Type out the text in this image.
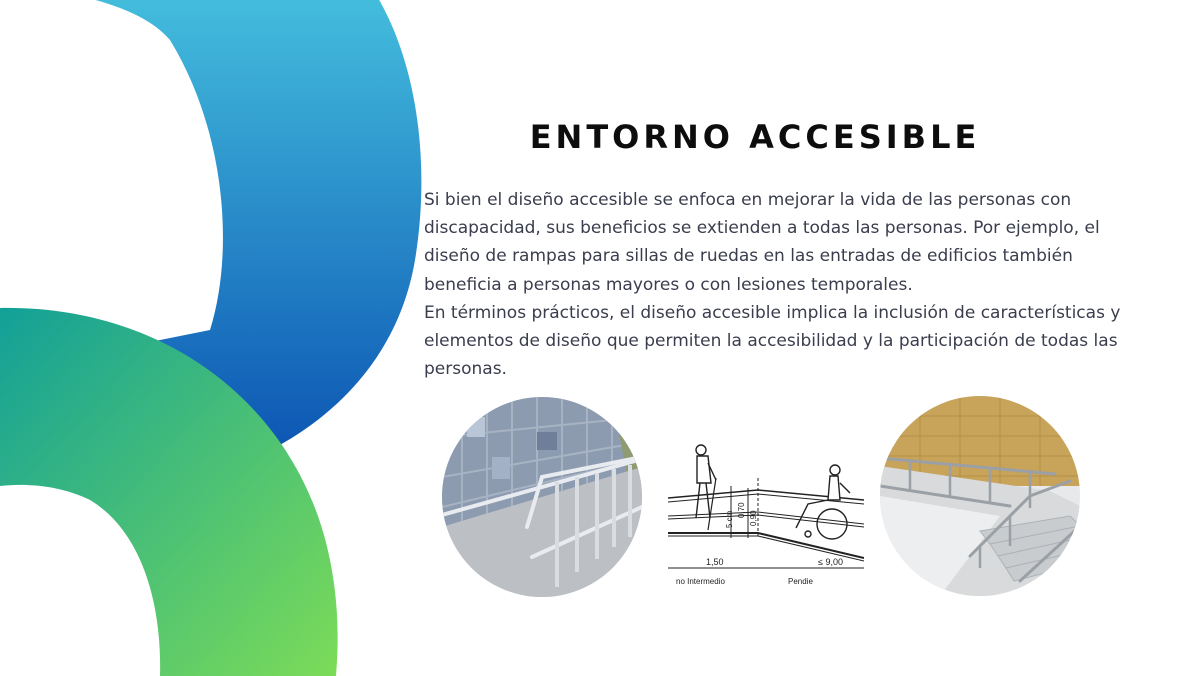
ENTORNO ACCESIBLE

Si bien el diseño accesible se enfoca en mejorar la vida de las personas con discapacidad, sus beneficios se extienden a todas las personas. Por ejemplo, el diseño de rampas para sillas de ruedas en las entradas de edificios también beneficia a personas mayores o con lesiones temporales.

En términos prácticos, el diseño accesible implica la inclusión de características y elementos de diseño que permiten la accesibilidad y la participación de todas las personas.

5 cm
0,70
0,90
1,50	≤ 9,00
no Intermedio	Pendie
